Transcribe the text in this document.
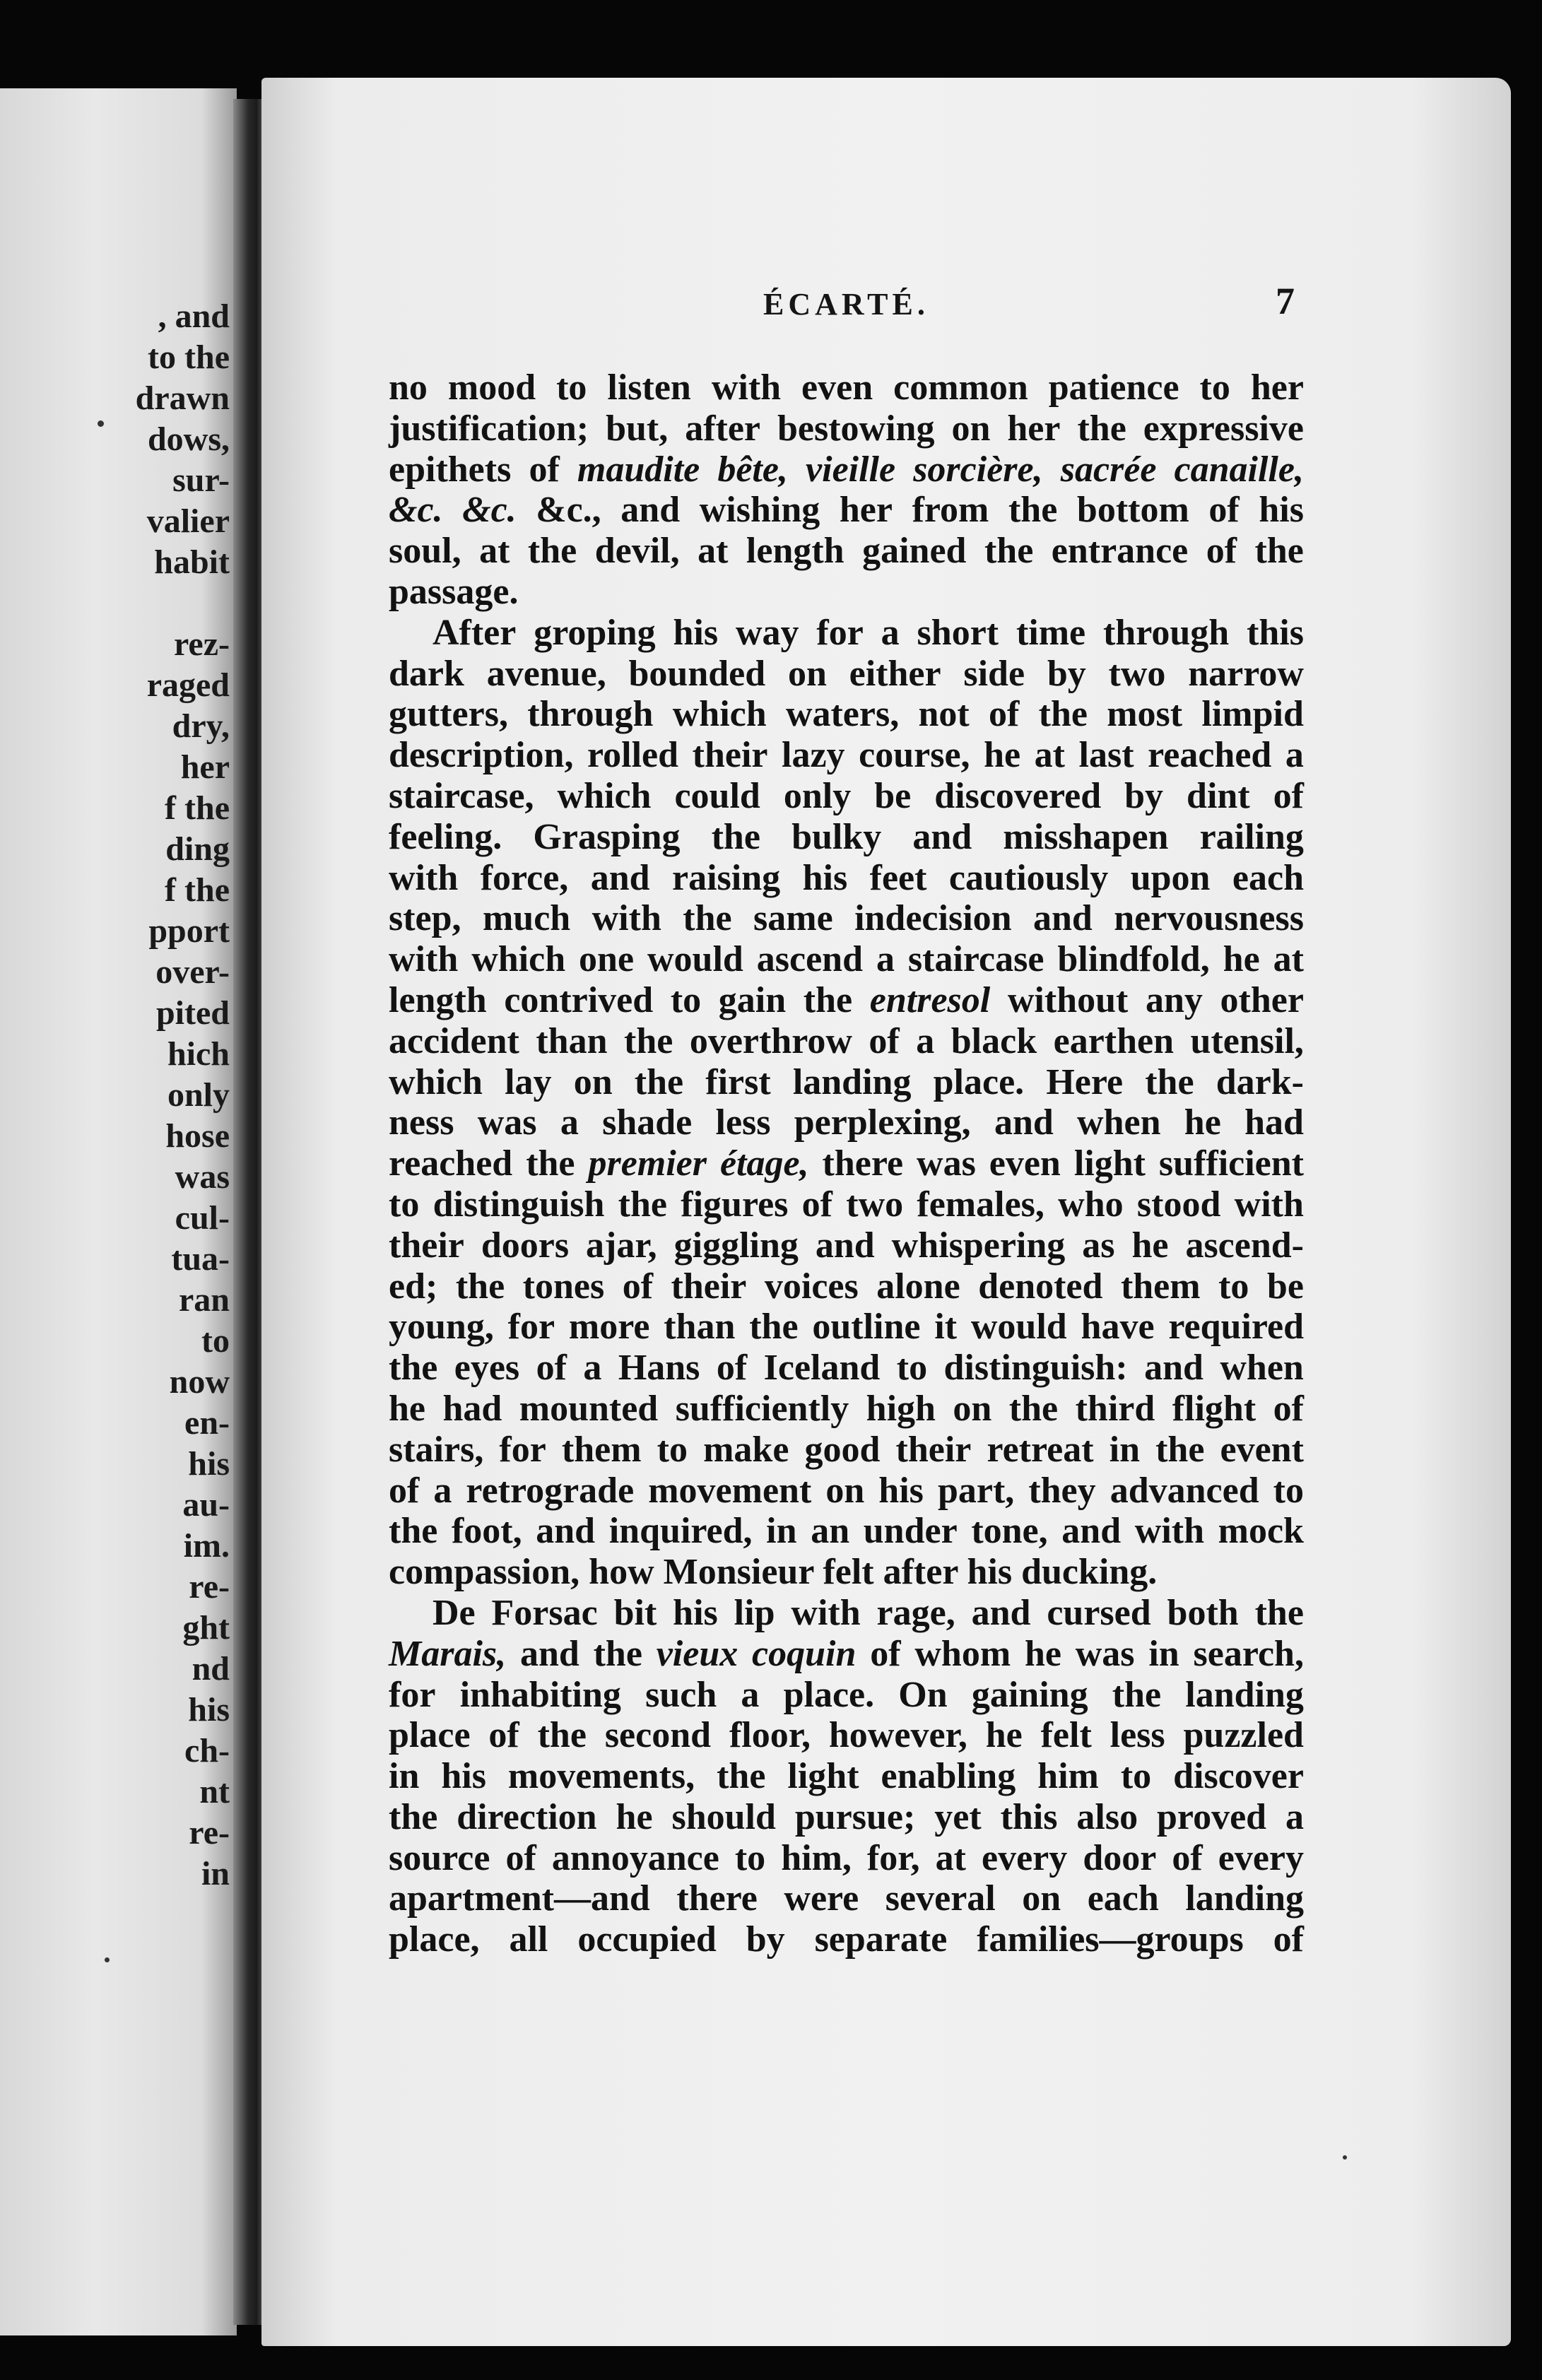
, and
to the
drawn
dows,
sur-
valier
habit
rez-
raged
dry,
her
f the
ding
f the
pport
over-
pited
hich
only
hose
was
cul-
tua-
ran
to
now
en-
his
au-
im.
re-
ght
nd
his
ch-
nt
re-
in
ÉCARTÉ.	7
no mood to listen with even common patience to her
justification; but, after bestowing on her the expressive
epithets of maudite bête, vieille sorcière, sacrée canaille,
&c. &c. &c., and wishing her from the bottom of his
soul, at the devil, at length gained the entrance of the
passage.
After groping his way for a short time through this
dark avenue, bounded on either side by two narrow
gutters, through which waters, not of the most limpid
description, rolled their lazy course, he at last reached a
staircase, which could only be discovered by dint of
feeling. Grasping the bulky and misshapen railing
with force, and raising his feet cautiously upon each
step, much with the same indecision and nervousness
with which one would ascend a staircase blindfold, he at
length contrived to gain the entresol without any other
accident than the overthrow of a black earthen utensil,
which lay on the first landing place. Here the dark-
ness was a shade less perplexing, and when he had
reached the premier étage, there was even light sufficient
to distinguish the figures of two females, who stood with
their doors ajar, giggling and whispering as he ascend-
ed; the tones of their voices alone denoted them to be
young, for more than the outline it would have required
the eyes of a Hans of Iceland to distinguish: and when
he had mounted sufficiently high on the third flight of
stairs, for them to make good their retreat in the event
of a retrograde movement on his part, they advanced to
the foot, and inquired, in an under tone, and with mock
compassion, how Monsieur felt after his ducking.
De Forsac bit his lip with rage, and cursed both the
Marais, and the vieux coquin of whom he was in search,
for inhabiting such a place. On gaining the landing
place of the second floor, however, he felt less puzzled
in his movements, the light enabling him to discover
the direction he should pursue; yet this also proved a
source of annoyance to him, for, at every door of every
apartment—and there were several on each landing
place, all occupied by separate families—groups of
